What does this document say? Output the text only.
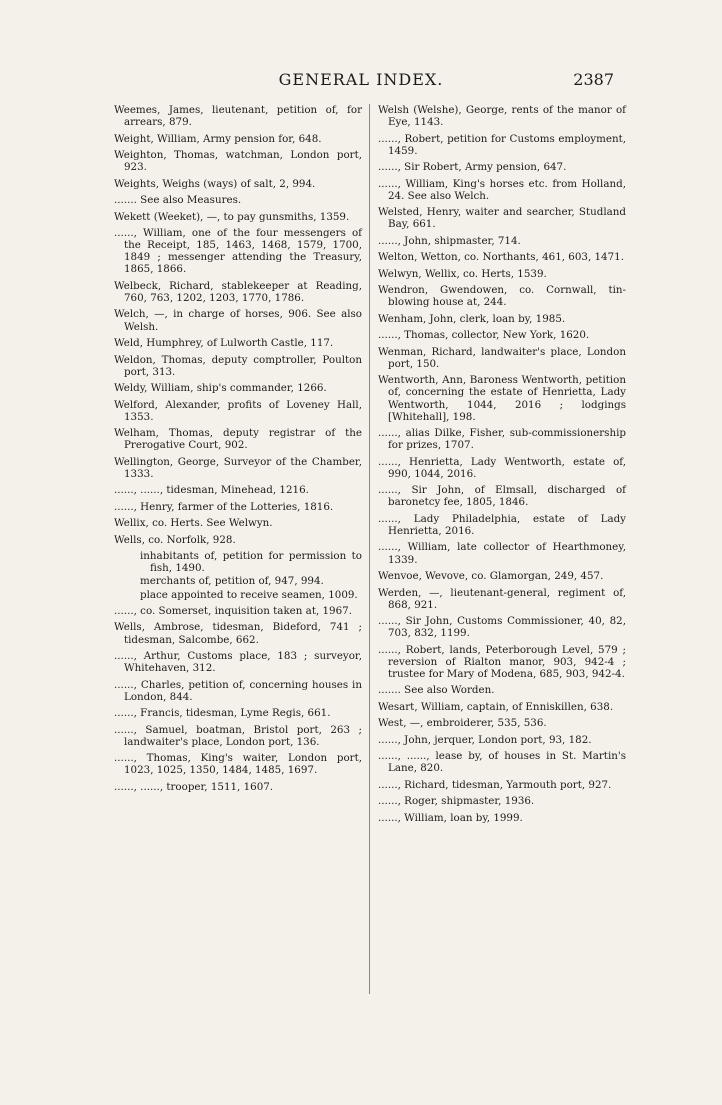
GENERAL INDEX.	2387

Weemes, James, lieutenant, petition of, for arrears, 879.

Weight, William, Army pension for, 648.

Weighton, Thomas, watchman, London port, 923.

Weights, Weighs (ways) of salt, 2, 994.

....... See also Measures.

Wekett (Weeket), —, to pay gunsmiths, 1359.

......, William, one of the four messengers of the Receipt, 185, 1463, 1468, 1579, 1700, 1849 ; messenger attending the Treasury, 1865, 1866.

Welbeck, Richard, stablekeeper at Reading, 760, 763, 1202, 1203, 1770, 1786.

Welch, —, in charge of horses, 906. See also Welsh.

Weld, Humphrey, of Lulworth Castle, 117.

Weldon, Thomas, deputy comptroller, Poulton port, 313.

Weldy, William, ship's commander, 1266.

Welford, Alexander, profits of Loveney Hall, 1353.

Welham, Thomas, deputy registrar of the Prerogative Court, 902.

Wellington, George, Surveyor of the Chamber, 1333.

......, ......, tidesman, Minehead, 1216.

......, Henry, farmer of the Lotteries, 1816.

Wellix, co. Herts. See Welwyn.

Wells, co. Norfolk, 928.

inhabitants of, petition for permission to fish, 1490.

merchants of, petition of, 947, 994.

place appointed to receive seamen, 1009.

......, co. Somerset, inquisition taken at, 1967.

Wells, Ambrose, tidesman, Bideford, 741 ; tidesman, Salcombe, 662.

......, Arthur, Customs place, 183 ; surveyor, Whitehaven, 312.

......, Charles, petition of, concerning houses in London, 844.

......, Francis, tidesman, Lyme Regis, 661.

......, Samuel, boatman, Bristol port, 263 ; landwaiter's place, London port, 136.

......, Thomas, King's waiter, London port, 1023, 1025, 1350, 1484, 1485, 1697.

......, ......, trooper, 1511, 1607.

Welsh (Welshe), George, rents of the manor of Eye, 1143.

......, Robert, petition for Customs employment, 1459.

......, Sir Robert, Army pension, 647.

......, William, King's horses etc. from Holland, 24. See also Welch.

Welsted, Henry, waiter and searcher, Studland Bay, 661.

......, John, shipmaster, 714.

Welton, Wetton, co. Northants, 461, 603, 1471.

Welwyn, Wellix, co. Herts, 1539.

Wendron, Gwendowen, co. Cornwall, tin-blowing house at, 244.

Wenham, John, clerk, loan by, 1985.

......, Thomas, collector, New York, 1620.

Wenman, Richard, landwaiter's place, London port, 150.

Wentworth, Ann, Baroness Wentworth, petition of, concerning the estate of Henrietta, Lady Wentworth, 1044, 2016 ; lodgings [Whitehall], 198.

......, alias Dilke, Fisher, sub-commissionership for prizes, 1707.

......, Henrietta, Lady Wentworth, estate of, 990, 1044, 2016.

......, Sir John, of Elmsall, discharged of baronetcy fee, 1805, 1846.

......, Lady Philadelphia, estate of Lady Henrietta, 2016.

......, William, late collector of Hearthmoney, 1339.

Wenvoe, Wevove, co. Glamorgan, 249, 457.

Werden, —, lieutenant-general, regiment of, 868, 921.

......, Sir John, Customs Commissioner, 40, 82, 703, 832, 1199.

......, Robert, lands, Peterborough Level, 579 ; reversion of Rialton manor, 903, 942-4 ; trustee for Mary of Modena, 685, 903, 942-4.

....... See also Worden.

Wesart, William, captain, of Enniskillen, 638.

West, —, embroiderer, 535, 536.

......, John, jerquer, London port, 93, 182.

......, ......, lease by, of houses in St. Martin's Lane, 820.

......, Richard, tidesman, Yarmouth port, 927.

......, Roger, shipmaster, 1936.

......, William, loan by, 1999.
